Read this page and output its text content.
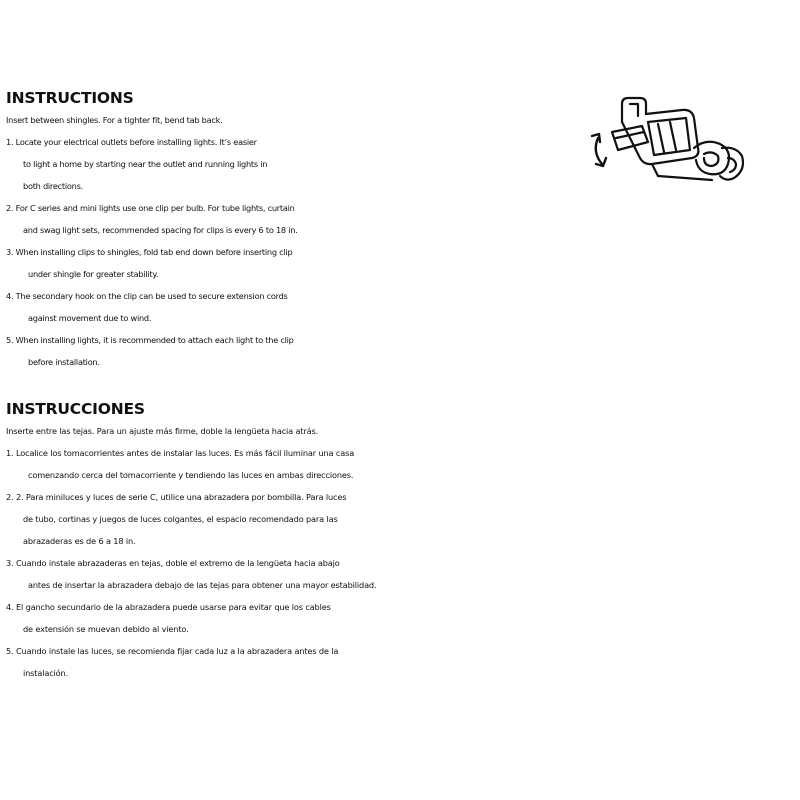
INSTRUCTIONS

Insert between shingles. For a tighter fit, bend tab back.

1. Locate your electrical outlets before installing lights. It’s easier

to light a home by starting near the outlet and running lights in

both directions.

2. For C series and mini lights use one clip per bulb. For tube lights, curtain

and swag light sets, recommended spacing for clips is every 6 to 18 in.

3. When installing clips to shingles, fold tab end down before inserting clip

under shingle for greater stability.

4. The secondary hook on the clip can be used to secure extension cords

against movement due to wind.

5. When installing lights, it is recommended to attach each light to the clip

before installation.

INSTRUCCIONES

Inserte entre las tejas. Para un ajuste más firme, doble la lengüeta hacia atrás.

1. Localice los tomacorrientes antes de instalar las luces. Es más fácil iluminar una casa

comenzando cerca del tomacorriente y tendiendo las luces en ambas direcciones.

2. 2. Para miniluces y luces de serie C, utilice una abrazadera por bombilla. Para luces

de tubo, cortinas y juegos de luces colgantes, el espacio recomendado para las

abrazaderas es de 6 a 18 in.

3. Cuando instale abrazaderas en tejas, doble el extremo de la lengüeta hacia abajo

antes de insertar la abrazadera debajo de las tejas para obtener una mayor estabilidad.

4. El gancho secundario de la abrazadera puede usarse para evitar que los cables

de extensión se muevan debido al viento.

5. Cuando instale las luces, se recomienda fijar cada luz a la abrazadera antes de la

instalación.
